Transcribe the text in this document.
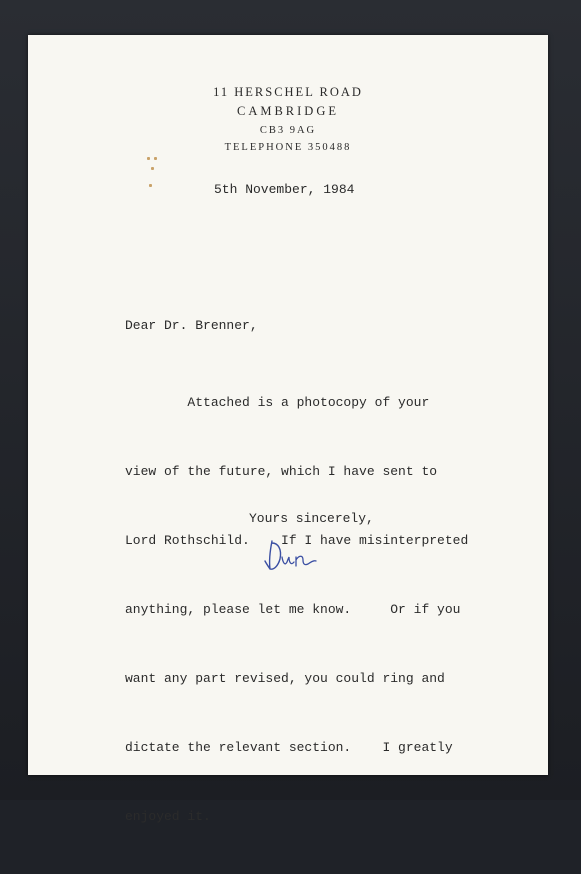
11 HERSCHEL ROAD
CAMBRIDGE
CB3 9AG
TELEPHONE 350488
5th November, 1984
Dear Dr. Brenner,

Attached is a photocopy of your

view of the future, which I have sent to

Lord Rothschild.    If I have misinterpreted

anything, please let me know.     Or if you

want any part revised, you could ring and

dictate the relevant section.    I greatly

enjoyed it.

Yours sincerely,
